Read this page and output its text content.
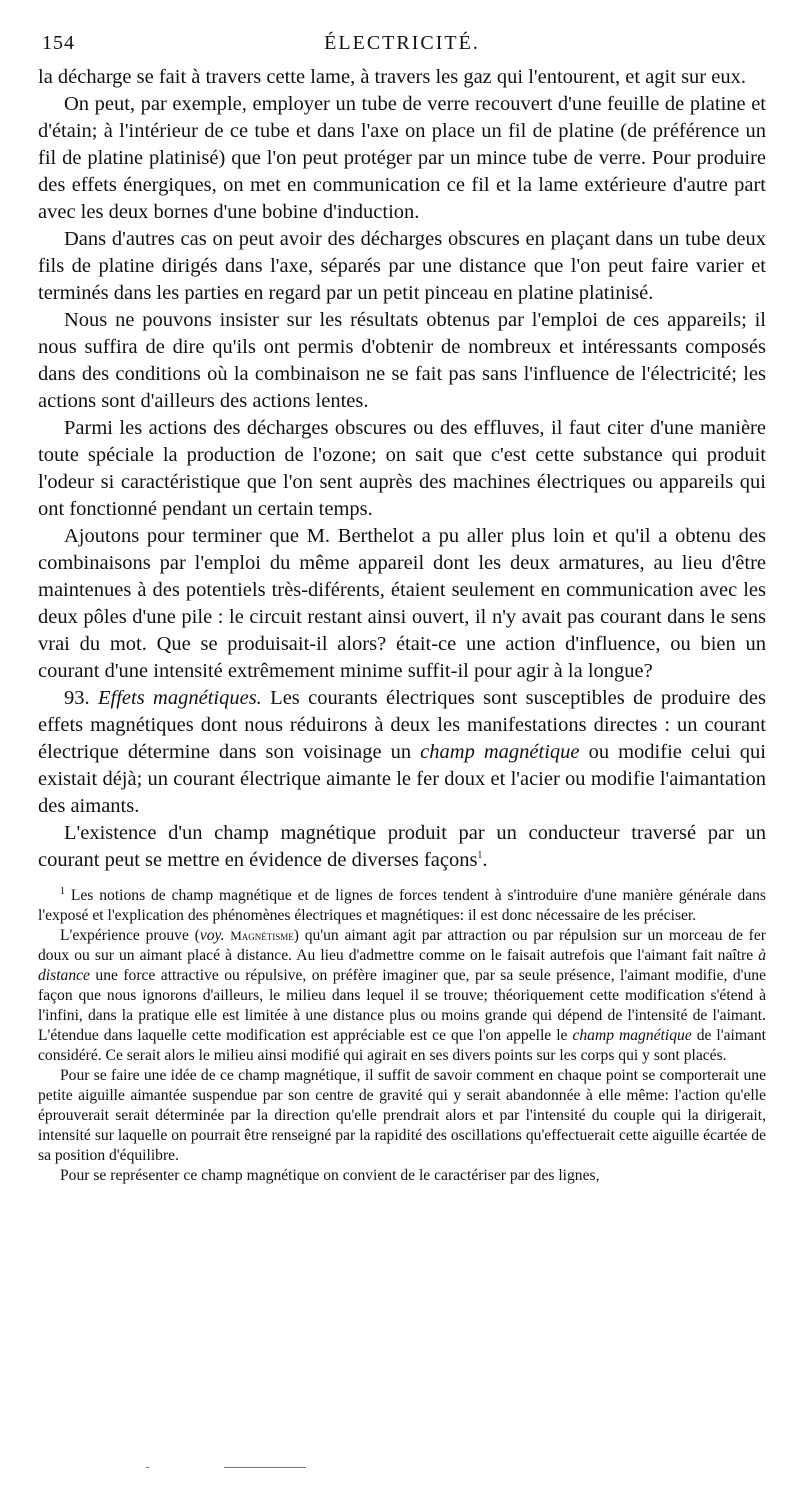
154	ÉLECTRICITÉ.

la décharge se fait à travers cette lame, à travers les gaz qui l'entourent, et agit sur eux.

On peut, par exemple, employer un tube de verre recouvert d'une feuille de platine et d'étain; à l'intérieur de ce tube et dans l'axe on place un fil de platine (de préférence un fil de platine platinisé) que l'on peut protéger par un mince tube de verre. Pour produire des effets énergiques, on met en communication ce fil et la lame extérieure d'autre part avec les deux bornes d'une bobine d'induction.

Dans d'autres cas on peut avoir des décharges obscures en plaçant dans un tube deux fils de platine dirigés dans l'axe, séparés par une distance que l'on peut faire varier et terminés dans les parties en regard par un petit pinceau en platine platinisé.

Nous ne pouvons insister sur les résultats obtenus par l'emploi de ces appareils; il nous suffira de dire qu'ils ont permis d'obtenir de nombreux et intéressants composés dans des conditions où la combinaison ne se fait pas sans l'influence de l'électricité; les actions sont d'ailleurs des actions lentes.

Parmi les actions des décharges obscures ou des effluves, il faut citer d'une manière toute spéciale la production de l'ozone; on sait que c'est cette substance qui produit l'odeur si caractéristique que l'on sent auprès des machines électriques ou appareils qui ont fonctionné pendant un certain temps.

Ajoutons pour terminer que M. Berthelot a pu aller plus loin et qu'il a obtenu des combinaisons par l'emploi du même appareil dont les deux armatures, au lieu d'être maintenues à des potentiels très-diférents, étaient seulement en communication avec les deux pôles d'une pile : le circuit restant ainsi ouvert, il n'y avait pas courant dans le sens vrai du mot. Que se produisait-il alors? était-ce une action d'influence, ou bien un courant d'une intensité extrêmement minime suffit-il pour agir à la longue?

93. Effets magnétiques. Les courants électriques sont susceptibles de produire des effets magnétiques dont nous réduirons à deux les manifestations directes : un courant électrique détermine dans son voisinage un champ magnétique ou modifie celui qui existait déjà; un courant électrique aimante le fer doux et l'acier ou modifie l'aimantation des aimants.

L'existence d'un champ magnétique produit par un conducteur traversé par un courant peut se mettre en évidence de diverses façons$^1$.

$^1$ Les notions de champ magnétique et de lignes de forces tendent à s'introduire d'une manière générale dans l'exposé et l'explication des phénomènes électriques et magnétiques: il est donc nécessaire de les préciser.

L'expérience prouve (voy. Magnétisme) qu'un aimant agit par attraction ou par répulsion sur un morceau de fer doux ou sur un aimant placé à distance. Au lieu d'admettre comme on le faisait autrefois que l'aimant fait naître à distance une force attractive ou répulsive, on préfère imaginer que, par sa seule présence, l'aimant modifie, d'une façon que nous ignorons d'ailleurs, le milieu dans lequel il se trouve; théoriquement cette modification s'étend à l'infini, dans la pratique elle est limitée à une distance plus ou moins grande qui dépend de l'intensité de l'aimant. L'étendue dans laquelle cette modification est appréciable est ce que l'on appelle le champ magnétique de l'aimant considéré. Ce serait alors le milieu ainsi modifié qui agirait en ses divers points sur les corps qui y sont placés.

Pour se faire une idée de ce champ magnétique, il suffit de savoir comment en chaque point se comporterait une petite aiguille aimantée suspendue par son centre de gravité qui y serait abandonnée à elle même: l'action qu'elle éprouverait serait déterminée par la direction qu'elle prendrait alors et par l'intensité du couple qui la dirigerait, intensité sur laquelle on pourrait être renseigné par la rapidité des oscillations qu'effectuerait cette aiguille écartée de sa position d'équilibre.

Pour se représenter ce champ magnétique on convient de le caractériser par des lignes,
